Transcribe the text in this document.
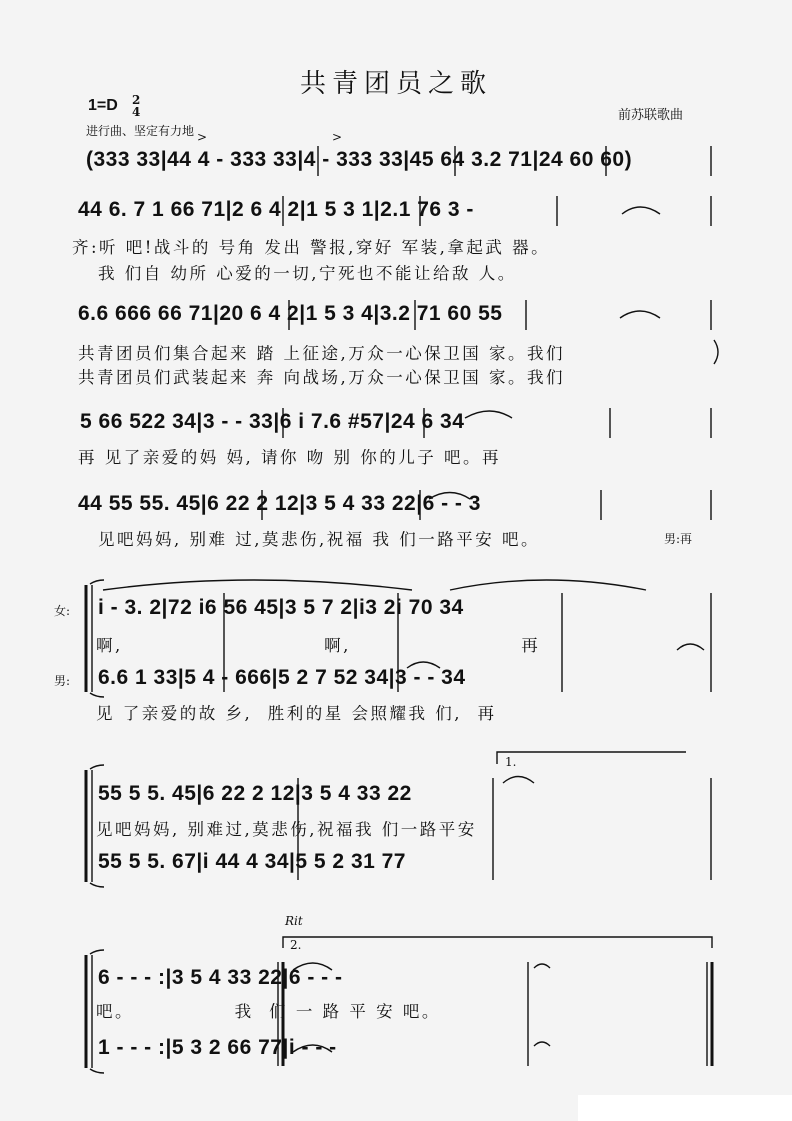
共青团员之歌
1=D 2
4
进行曲、坚定有力地
前苏联歌曲
>	>
(333 33|44 4 - 333 33|4 - 333 33|45 64 3.2 71|24 60 60)
44 6. 7 1 66 71|2 6 4 2|1 5 3 1|2.1 76 3 -
齐:听 吧!战斗的 号角 发出 警报,穿好 军装,拿起武 器。
我 们自 幼所 心爱的一切,宁死也不能让给敌 人。
6.6 666 66 71|20 6 4 2|1 5 3 4|3.2 71 60 55
共青团员们集合起来 踏 上征途,万众一心保卫国 家。我们
共青团员们武装起来 奔 向战场,万众一心保卫国 家。我们
5 66 522 34|3 - - 33|6 i 7.6 #57|24 6 34
再 见了亲爱的妈 妈, 请你 吻 别 你的儿子 吧。再
44 55 55. 45|6 22 2 12|3 5 4 33 22|6 - - 3
见吧妈妈, 别难 过,莫悲伤,祝福 我 们一路平安 吧。	男:再
女: i - 3. 2|72 i6 56 45|3 5 7 2|i3 2i 70 34
啊,                          啊,                      再
男: 6.6 1 33|5 4 - 666|5 2 7 52 34|3 - - 34
见 了亲爱的故 乡,  胜利的星 会照耀我 们,  再
1.
55 5 5. 45|6 22 2 12|3 5 4 33 22
见吧妈妈, 别难过,莫悲伤,祝福我 们一路平安
55 5 5. 67|i 44 4 34|5 5 2 31 77
Rit
2.
6 - - - :|3 5 4 33 22|6 - - -
吧。             我  们 一 路 平 安 吧。
1 - - - :|5 3 2 66 77|i - - -
